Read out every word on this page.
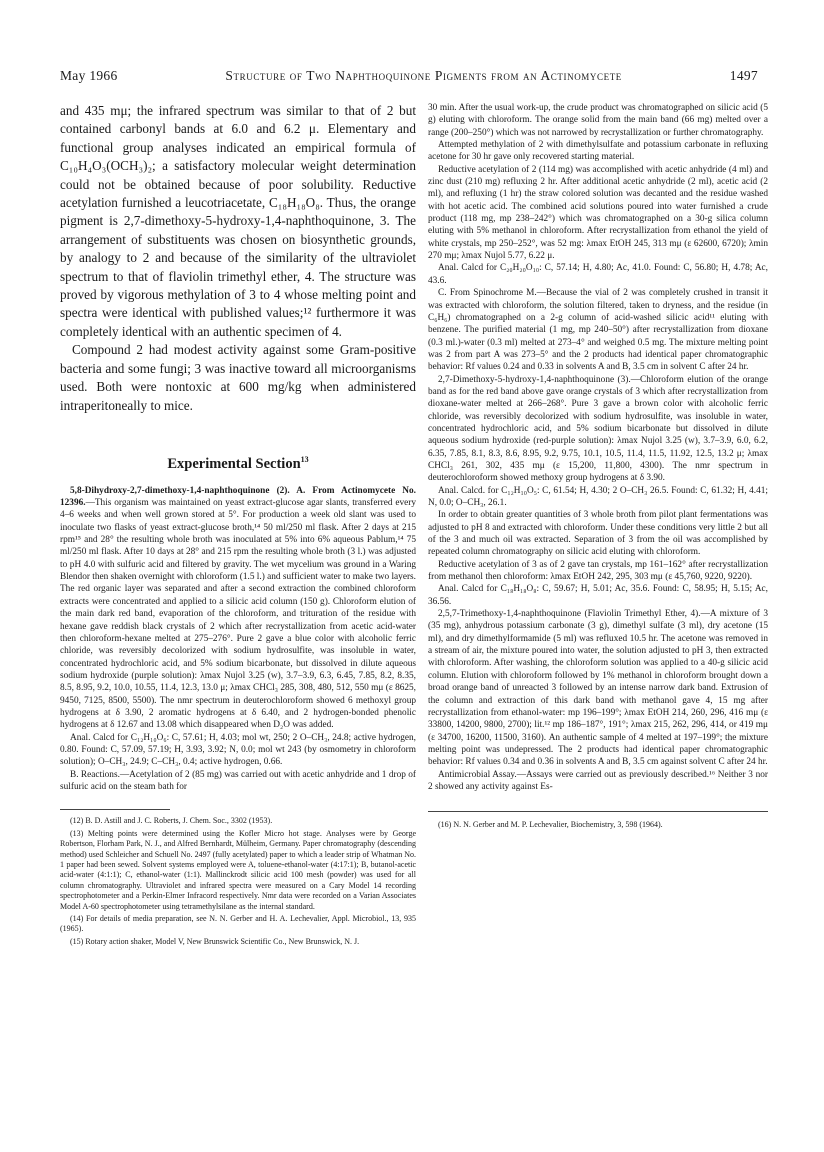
May 1966	Structure of Two Naphthoquinone Pigments from an Actinomycete	1497

and 435 mμ; the infrared spectrum was similar to that of 2 but contained carbonyl bands at 6.0 and 6.2 μ. Elementary and functional group analyses indicated an empirical formula of C₁₀H₄O₃(OCH₃)₂; a satisfactory molecular weight determination could not be obtained because of poor solubility. Reductive acetylation furnished a leucotriacetate, C₁₈H₁₈O₈. Thus, the orange pigment is 2,7-dimethoxy-5-hydroxy-1,4-naphthoquinone, 3. The arrangement of substituents was chosen on biosynthetic grounds, by analogy to 2 and because of the similarity of the ultraviolet spectrum to that of flaviolin trimethyl ether, 4. The structure was proved by vigorous methylation of 3 to 4 whose melting point and spectra were identical with published values;¹² furthermore it was completely identical with an authentic specimen of 4.

Compound 2 had modest activity against some Gram-positive bacteria and some fungi; 3 was inactive toward all microorganisms used. Both were nontoxic at 600 mg/kg when administered intraperitoneally to mice.

Experimental Section$^{13}$

5,8-Dihydroxy-2,7-dimethoxy-1,4-naphthoquinone (2). A. From Actinomycete No. 12396.—This organism was maintained on yeast extract-glucose agar slants, transferred every 4–6 weeks and when well grown stored at 5°. For production a week old slant was used to inoculate two flasks of yeast extract-glucose broth,¹⁴ 50 ml/250 ml flask. After 2 days at 215 rpm¹⁵ and 28° the resulting whole broth was inoculated at 5% into 6% aqueous Pablum,¹⁴ 75 ml/250 ml flask. After 10 days at 28° and 215 rpm the resulting whole broth (3 l.) was adjusted to pH 4.0 with sulfuric acid and filtered by gravity. The wet mycelium was ground in a Waring Blendor then shaken overnight with chloroform (1.5 l.) and sufficient water to make two layers. The red organic layer was separated and after a second extraction the combined chloroform extracts were concentrated and applied to a silicic acid column (150 g). Chloroform elution of the main dark red band, evaporation of the chloroform, and trituration of the residue with hexane gave reddish black crystals of 2 which after recrystallization from acetic acid-water then chloroform-hexane melted at 275–276°. Pure 2 gave a blue color with alcoholic ferric chloride, was reversibly decolorized with sodium hydrosulfite, was insoluble in water, concentrated hydrochloric acid, and 5% sodium bicarbonate, but dissolved in dilute aqueous sodium hydroxide (purple solution): λmax Nujol 3.25 (w), 3.7–3.9, 6.3, 6.45, 7.85, 8.2, 8.35, 8.5, 8.95, 9.2, 10.0, 10.55, 11.4, 12.3, 13.0 μ; λmax CHCl₃ 285, 308, 480, 512, 550 mμ (ε 8625, 9450, 7125, 8500, 5500). The nmr spectrum in deuterochloroform showed 6 methoxyl group hydrogens at δ 3.90, 2 aromatic hydrogens at δ 6.40, and 2 hydrogen-bonded phenolic hydrogens at δ 12.67 and 13.08 which disappeared when D₂O was added.

Anal. Calcd for C₁₂H₁₀O₆: C, 57.61; H, 4.03; mol wt, 250; 2 O–CH₃, 24.8; active hydrogen, 0.80. Found: C, 57.09, 57.19; H, 3.93, 3.92; N, 0.0; mol wt 243 (by osmometry in chloroform solution); O–CH₃, 24.9; C–CH₃, 0.4; active hydrogen, 0.66.

B. Reactions.—Acetylation of 2 (85 mg) was carried out with acetic anhydride and 1 drop of sulfuric acid on the steam bath for

(12) B. D. Astill and J. C. Roberts, J. Chem. Soc., 3302 (1953).

(13) Melting points were determined using the Kofler Micro hot stage. Analyses were by George Robertson, Florham Park, N. J., and Alfred Bernhardt, Mülheim, Germany. Paper chromatography (descending method) used Schleicher and Schuell No. 2497 (fully acetylated) paper to which a leader strip of Whatman No. 1 paper had been sewed. Solvent systems employed were A, toluene-ethanol-water (4:17:1); B, butanol-acetic acid-water (4:1:1); C, ethanol-water (1:1). Mallinckrodt silicic acid 100 mesh (powder) was used for all column chromatography. Ultraviolet and infrared spectra were measured on a Cary Model 14 recording spectrophotometer and a Perkin-Elmer Infracord respectively. Nmr data were recorded on a Varian Associates Model A-60 spectrophotometer using tetramethylsilane as the internal standard.

(14) For details of media preparation, see N. N. Gerber and H. A. Lechevalier, Appl. Microbiol., 13, 935 (1965).

(15) Rotary action shaker, Model V, New Brunswick Scientific Co., New Brunswick, N. J.

30 min. After the usual work-up, the crude product was chromatographed on silicic acid (5 g) eluting with chloroform. The orange solid from the main band (66 mg) melted over a range (200–250°) which was not narrowed by recrystallization or further chromatography.

Attempted methylation of 2 with dimethylsulfate and potassium carbonate in refluxing acetone for 30 hr gave only recovered starting material.

Reductive acetylation of 2 (114 mg) was accomplished with acetic anhydride (4 ml) and zinc dust (210 mg) refluxing 2 hr. After additional acetic anhydride (2 ml), acetic acid (2 ml), and refluxing (1 hr) the straw colored solution was decanted and the residue washed with hot acetic acid. The combined acid solutions poured into water furnished a crude product (118 mg, mp 238–242°) which was chromatographed on a 30-g silica column eluting with 5% methanol in chloroform. After recrystallization from ethanol the yield of white crystals, mp 250–252°, was 52 mg: λmax EtOH 245, 313 mμ (ε 62600, 6720); λmin 270 mμ; λmax Nujol 5.77, 6.22 μ.

Anal. Calcd for C₂₀H₂₀O₁₀: C, 57.14; H, 4.80; Ac, 41.0. Found: C, 56.80; H, 4.78; Ac, 43.6.

C. From Spinochrome M.—Because the vial of 2 was completely crushed in transit it was extracted with chloroform, the solution filtered, taken to dryness, and the residue (in C₆H₆) chromatographed on a 2-g column of acid-washed silicic acid¹¹ eluting with benzene. The purified material (1 mg, mp 240–50°) after recrystallization from dioxane (0.3 ml.)-water (0.3 ml) melted at 273–4° and weighed 0.5 mg. The mixture melting point was 2 from part A was 273–5° and the 2 products had identical paper chromatographic behavior: Rf values 0.24 and 0.33 in solvents A and B, 3.5 cm in solvent C after 24 hr.

2,7-Dimethoxy-5-hydroxy-1,4-naphthoquinone (3).—Chloroform elution of the orange band as for the red band above gave orange crystals of 3 which after recrystallization from dioxane-water melted at 266–268°. Pure 3 gave a brown color with alcoholic ferric chloride, was reversibly decolorized with sodium hydrosulfite, was insoluble in water, concentrated hydrochloric acid, and 5% sodium bicarbonate but dissolved in dilute aqueous sodium hydroxide (red-purple solution): λmax Nujol 3.25 (w), 3.7–3.9, 6.0, 6.2, 6.35, 7.85, 8.1, 8.3, 8.6, 8.95, 9.2, 9.75, 10.1, 10.5, 11.4, 11.5, 11.92, 12.5, 13.2 μ; λmax CHCl₃ 261, 302, 435 mμ (ε 15,200, 11,800, 4300). The nmr spectrum in deuterochloroform showed methoxy group hydrogens at δ 3.90.

Anal. Calcd. for C₁₂H₁₀O₅: C, 61.54; H, 4.30; 2 O–CH₃ 26.5. Found: C, 61.32; H, 4.41; N, 0.0; O–CH₃, 26.1.

In order to obtain greater quantities of 3 whole broth from pilot plant fermentations was adjusted to pH 8 and extracted with chloroform. Under these conditions very little 2 but all of the 3 and much oil was extracted. Separation of 3 from the oil was accomplished by repeated column chromatography on silicic acid eluting with chloroform.

Reductive acetylation of 3 as of 2 gave tan crystals, mp 161–162° after recrystallization from methanol then chloroform: λmax EtOH 242, 295, 303 mμ (ε 45,760, 9220, 9220).

Anal. Calcd for C₁₈H₁₈O₈: C, 59.67; H, 5.01; Ac, 35.6. Found: C, 58.95; H, 5.15; Ac, 36.56.

2,5,7-Trimethoxy-1,4-naphthoquinone (Flaviolin Trimethyl Ether, 4).—A mixture of 3 (35 mg), anhydrous potassium carbonate (3 g), dimethyl sulfate (3 ml), dry acetone (15 ml), and dry dimethylformamide (5 ml) was refluxed 10.5 hr. The acetone was removed in a stream of air, the mixture poured into water, the solution adjusted to pH 3, then extracted with chloroform. After washing, the chloroform solution was applied to a 40-g silicic acid column. Elution with chloroform followed by 1% methanol in chloroform brought down a broad orange band of unreacted 3 followed by an intense narrow dark band. Extrusion of the column and extraction of this dark band with methanol gave 4, 15 mg after recrystallization from ethanol-water: mp 196–199°; λmax EtOH 214, 260, 296, 416 mμ (ε 33800, 14200, 9800, 2700); lit.¹² mp 186–187°, 191°; λmax 215, 262, 296, 414, or 419 mμ (ε 34700, 16200, 11500, 3160). An authentic sample of 4 melted at 197–199°; the mixture melting point was undepressed. The 2 products had identical paper chromatographic behavior: Rf values 0.34 and 0.36 in solvents A and B, 3.5 cm against solvent C after 24 hr.

Antimicrobial Assay.—Assays were carried out as previously described.¹⁶ Neither 3 nor 2 showed any activity against Es-

(16) N. N. Gerber and M. P. Lechevalier, Biochemistry, 3, 598 (1964).
